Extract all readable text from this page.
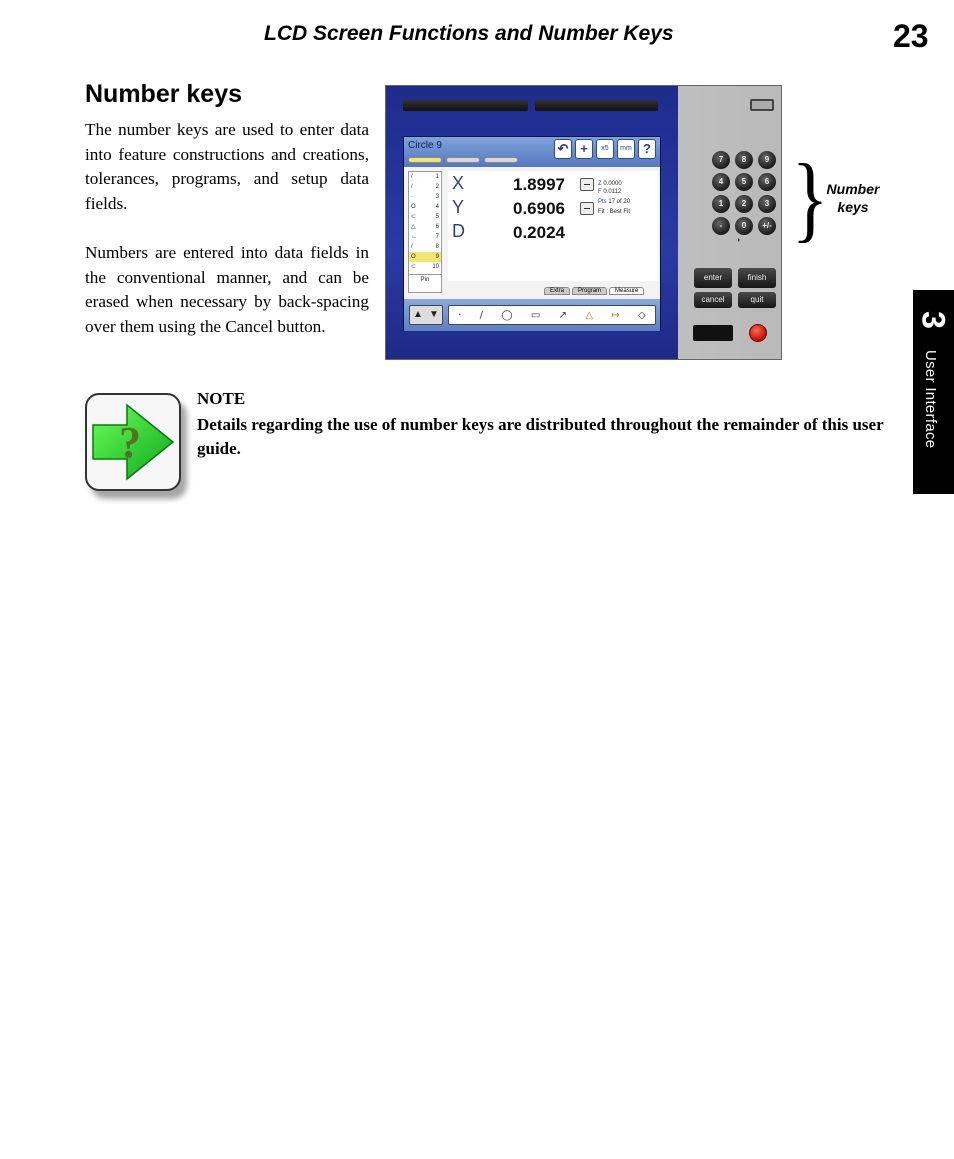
LCD Screen Functions and Number Keys	23
Number keys

The number keys are used to enter data into feature constructions and creations, tolerances, programs, and setup data fields.

Numbers are entered into data fields in the conventional manner, and can be erased when necessary by back-spacing over them using the Cancel button.	3
User Interface
Circle 9	↶ +	x5	mm ?
/	1
/	2
·	3
O	4
⊂	5
△	6
↔	7
/	8
O	9
⊂	10
Pin
X	1.8997
Y	0.6906
D	0.2024
Z 0.0000
F 0.0112
Pts 17 of 20
Fit : Best Fit
Extra	Program	Measure
▲ ▼	· ∕ ◯ ▭ ↗ △ ↦ ◇
7	8	9
4	5	6
1	2	3
-	0	+/-
◑
enter	finish
cancel	quit
}
Number
keys
?
NOTE
Details regarding the use of number keys are distributed throughout the remainder of this user guide.
